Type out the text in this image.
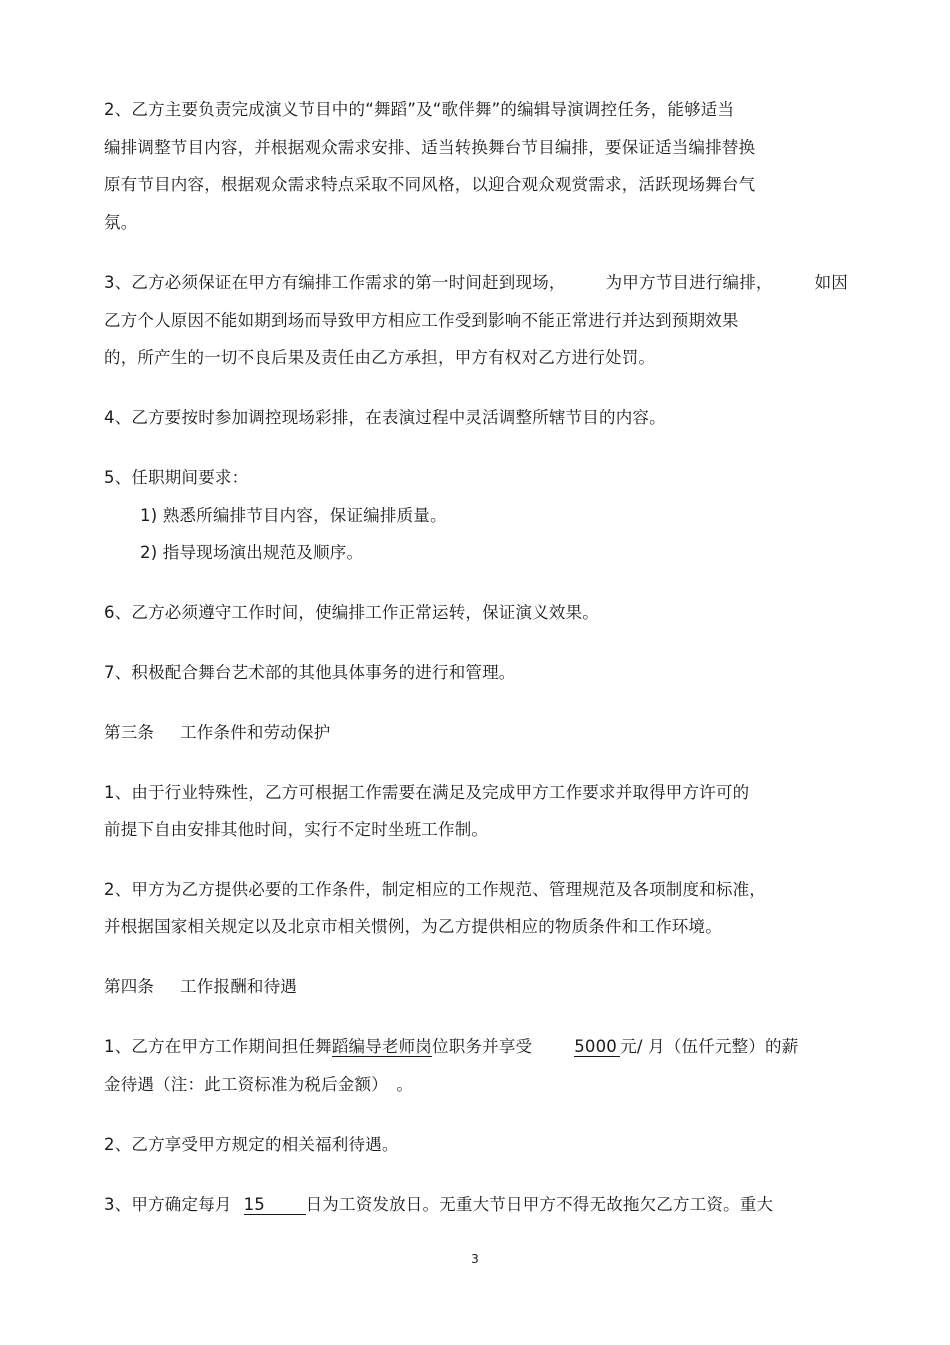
2、乙方主要负责完成演义节目中的“舞蹈”及“歌伴舞”的编辑导演调控任务，能够适当
编排调整节目内容，并根据观众需求安排、适当转换舞台节目编排，要保证适当编排替换
原有节目内容，根据观众需求特点采取不同风格，以迎合观众观赏需求，活跃现场舞台气
氛。
3、乙方必须保证在甲方有编排工作需求的第一时间赶到现场， 为甲方节目进行编排，	如因
乙方个人原因不能如期到场而导致甲方相应工作受到影响不能正常进行并达到预期效果
的，所产生的一切不良后果及责任由乙方承担，甲方有权对乙方进行处罚。
4、乙方要按时参加调控现场彩排，在表演过程中灵活调整所辖节目的内容。
5、任职期间要求：
1) 熟悉所编排节目内容，保证编排质量。
2) 指导现场演出规范及顺序。
6、乙方必须遵守工作时间，使编排工作正常运转，保证演义效果。
7、积极配合舞台艺术部的其他具体事务的进行和管理。
第三条 工作条件和劳动保护
1、由于行业特殊性，乙方可根据工作需要在满足及完成甲方工作要求并取得甲方许可的
前提下自由安排其他时间，实行不定时坐班工作制。
2、甲方为乙方提供必要的工作条件，制定相应的工作规范、管理规范及各项制度和标准，
并根据国家相关规定以及北京市相关惯例，为乙方提供相应的物质条件和工作环境。
第四条 工作报酬和待遇
1、乙方在甲方工作期间担任舞蹈编导老师岗位职务并享受	5000 元/ 月（伍仟元整）的薪
金待遇（注：此工资标准为税后金额）　。
2、乙方享受甲方规定的相关福利待遇。
3、甲方确定每月 15 日为工资发放日。无重大节日甲方不得无故拖欠乙方工资。重大
3
